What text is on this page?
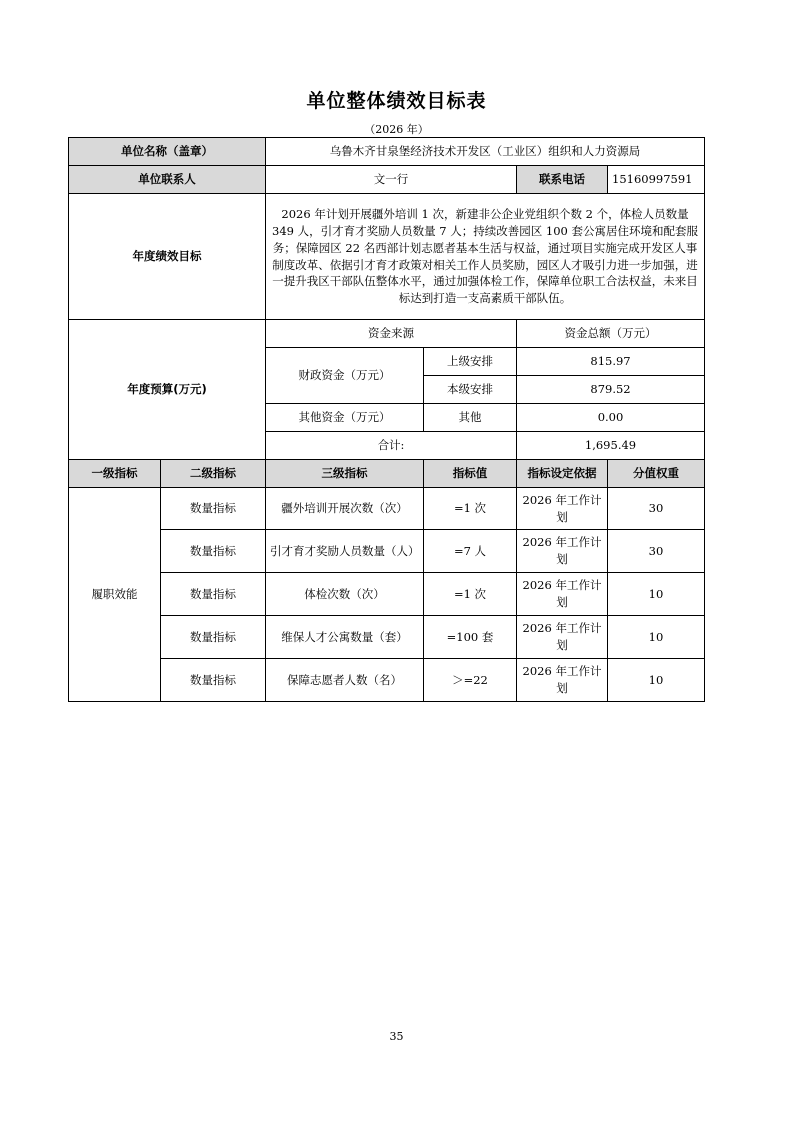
单位整体绩效目标表
（2026 年）
单位名称（盖章）		乌鲁木齐甘泉堡经济技术开发区（工业区）组织和人力资源局			
单位联系人		文一行		联系电话	15160997591
年度绩效目标		2026 年计划开展疆外培训 1 次，新建非公企业党组织个数 2 个，体检人员数量 349 人，引才育才奖励人员数量 7 人；持续改善园区 100 套公寓居住环境和配套服务；保障园区 22 名西部计划志愿者基本生活与权益，通过项目实施完成开发区人事制度改革、依据引才育才政策对相关工作人员奖励，园区人才吸引力进一步加强，进一提升我区干部队伍整体水平，通过加强体检工作，保障单位职工合法权益，未来目标达到打造一支高素质干部队伍。			
年度预算(万元)		资金来源		资金总额（万元）	
		财政资金（万元）	上级安排	815.97	
			本级安排	879.52	
		其他资金（万元）	其他	0.00	
		合计:		1,695.49	
一级指标	二级指标	三级指标	指标值	指标设定依据	分值权重
履职效能	数量指标	疆外培训开展次数（次）	=1 次	2026 年工作计划	30
	数量指标	引才育才奖励人员数量（人）	=7 人	2026 年工作计划	30
	数量指标	体检次数（次）	=1 次	2026 年工作计划	10
	数量指标	维保人才公寓数量（套）	=100 套	2026 年工作计划	10
	数量指标	保障志愿者人数（名）	＞=22	2026 年工作计划	10
35
